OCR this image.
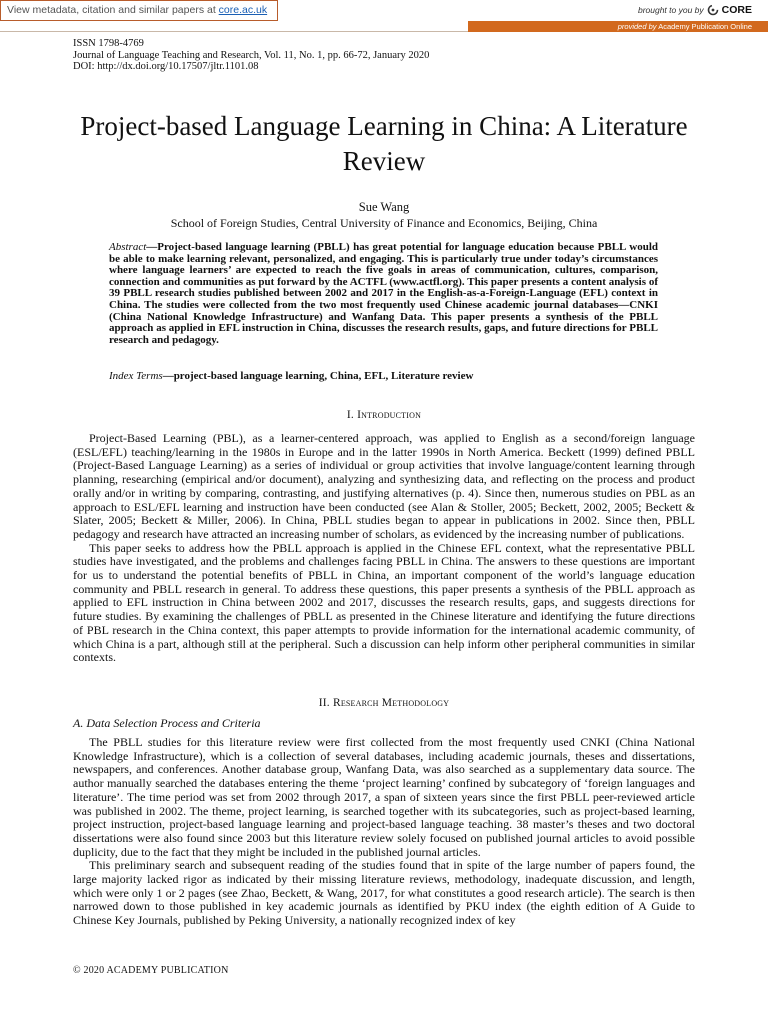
View metadata, citation and similar papers at core.ac.uk	brought to you by CORE
provided by Academy Publication Online
ISSN 1798-4769
Journal of Language Teaching and Research, Vol. 11, No. 1, pp. 66-72, January 2020
DOI: http://dx.doi.org/10.17507/jltr.1101.08
Project-based Language Learning in China: A Literature Review
Sue Wang
School of Foreign Studies, Central University of Finance and Economics, Beijing, China
Abstract—Project-based language learning (PBLL) has great potential for language education because PBLL would be able to make learning relevant, personalized, and engaging. This is particularly true under today’s circumstances where language learners’ are expected to reach the five goals in areas of communication, cultures, comparison, connection and communities as put forward by the ACTFL (www.actfl.org). This paper presents a content analysis of 39 PBLL research studies published between 2002 and 2017 in the English-as-a-Foreign-Language (EFL) context in China. The studies were collected from the two most frequently used Chinese academic journal databases—CNKI (China National Knowledge Infrastructure) and Wanfang Data. This paper presents a synthesis of the PBLL approach as applied in EFL instruction in China, discusses the research results, gaps, and future directions for PBLL research and pedagogy.
Index Terms—project-based language learning, China, EFL, Literature review
I. Introduction

Project-Based Learning (PBL), as a learner-centered approach, was applied to English as a second/foreign language (ESL/EFL) teaching/learning in the 1980s in Europe and in the latter 1990s in North America. Beckett (1999) defined PBLL (Project-Based Language Learning) as a series of individual or group activities that involve language/content learning through planning, researching (empirical and/or document), analyzing and synthesizing data, and reflecting on the process and product orally and/or in writing by comparing, contrasting, and justifying alternatives (p. 4). Since then, numerous studies on PBL as an approach to ESL/EFL learning and instruction have been conducted (see Alan & Stoller, 2005; Beckett, 2002, 2005; Beckett & Slater, 2005; Beckett & Miller, 2006). In China, PBLL studies began to appear in publications in 2002. Since then, PBLL pedagogy and research have attracted an increasing number of scholars, as evidenced by the increasing number of publications.

This paper seeks to address how the PBLL approach is applied in the Chinese EFL context, what the representative PBLL studies have investigated, and the problems and challenges facing PBLL in China. The answers to these questions are important for us to understand the potential benefits of PBLL in China, an important component of the world’s language education community and PBLL research in general. To address these questions, this paper presents a synthesis of the PBLL approach as applied to EFL instruction in China between 2002 and 2017, discusses the research results, gaps, and suggests directions for future studies. By examining the challenges of PBLL as presented in the Chinese literature and identifying the future directions of PBL research in the China context, this paper attempts to provide information for the international academic community, of which China is a part, although still at the peripheral. Such a discussion can help inform other peripheral communities in similar contexts.

II. Research Methodology
A. Data Selection Process and Criteria

The PBLL studies for this literature review were first collected from the most frequently used CNKI (China National Knowledge Infrastructure), which is a collection of several databases, including academic journals, theses and dissertations, newspapers, and conferences. Another database group, Wanfang Data, was also searched as a supplementary data source. The author manually searched the databases entering the theme ‘project learning’ confined by subcategory of ‘foreign languages and literature’. The time period was set from 2002 through 2017, a span of sixteen years since the first PBLL peer-reviewed article was published in 2002. The theme, project learning, is searched together with its subcategories, such as project-based learning, project instruction, project-based language learning and project-based language teaching. 38 master’s theses and two doctoral dissertations were also found since 2003 but this literature review solely focused on published journal articles to avoid possible duplicity, due to the fact that they might be included in the published journal articles.

This preliminary search and subsequent reading of the studies found that in spite of the large number of papers found, the large majority lacked rigor as indicated by their missing literature reviews, methodology, inadequate discussion, and length, which were only 1 or 2 pages (see Zhao, Beckett, & Wang, 2017, for what constitutes a good research article). The search is then narrowed down to those published in key academic journals as identified by PKU index (the eighth edition of A Guide to Chinese Key Journals, published by Peking University, a nationally recognized index of key

© 2020 ACADEMY PUBLICATION
